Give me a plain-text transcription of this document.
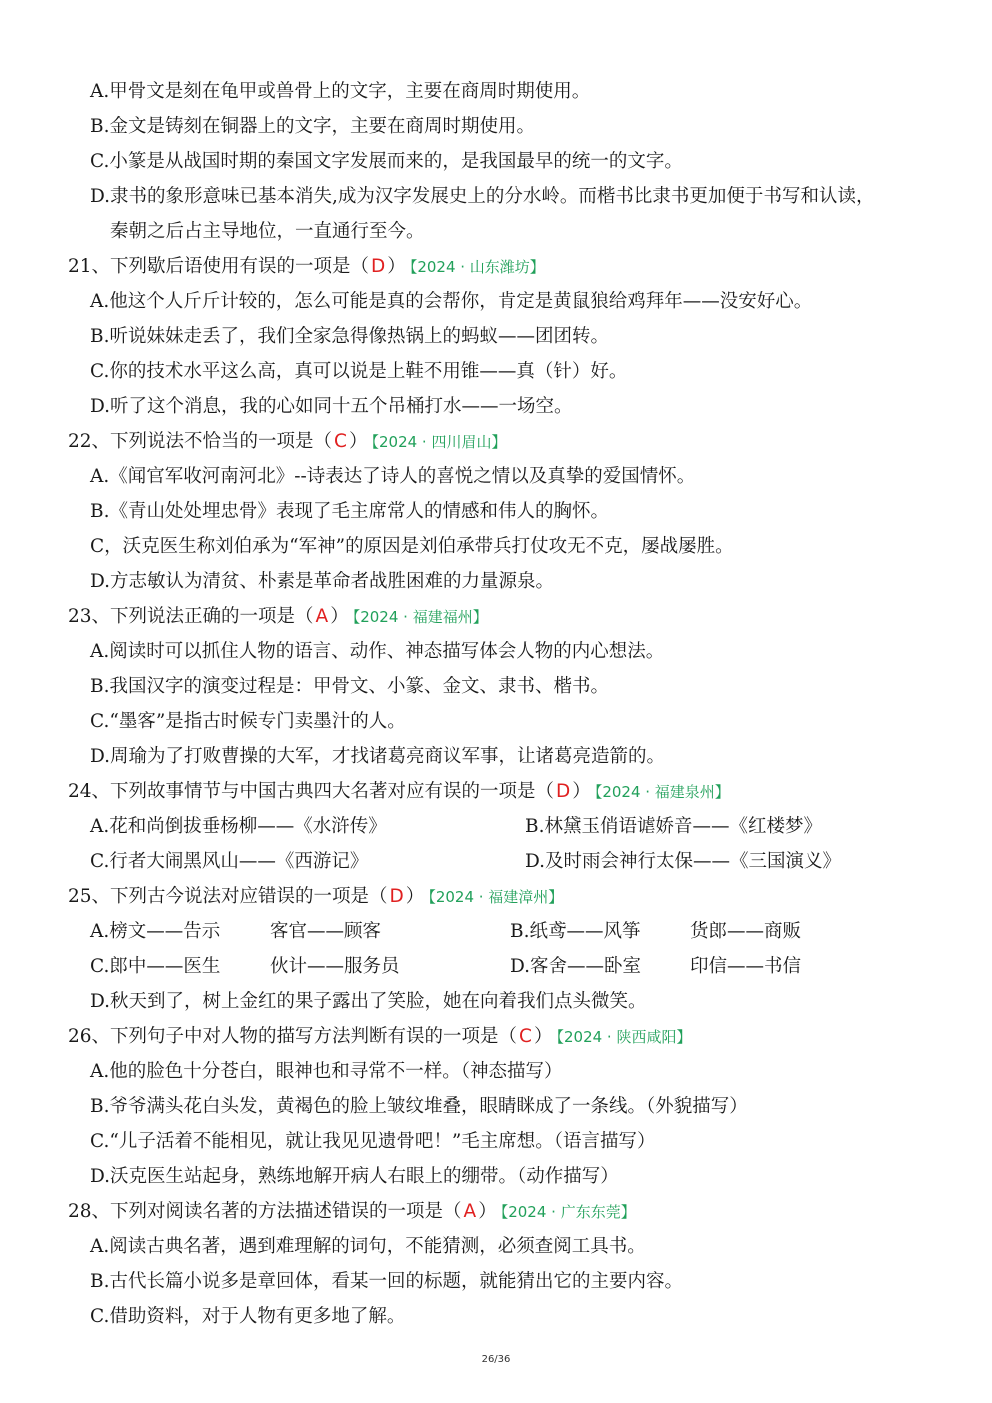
A.甲骨文是刻在龟甲或兽骨上的文字，主要在商周时期使用。
B.金文是铸刻在铜器上的文字，主要在商周时期使用。
C.小篆是从战国时期的秦国文字发展而来的，是我国最早的统一的文字。
D.隶书的象形意味已基本消失,成为汉字发展史上的分水岭。而楷书比隶书更加便于书写和认读，
秦朝之后占主导地位，一直通行至今。
21、下列歇后语使用有误的一项是（ D ） 【2024 · 山东潍坊】
A.他这个人斤斤计较的，怎么可能是真的会帮你，肯定是黄鼠狼给鸡拜年——没安好心。
B.听说妹妹走丢了，我们全家急得像热锅上的蚂蚁——团团转。
C.你的技术水平这么高，真可以说是上鞋不用锥——真（针）好。
D.听了这个消息，我的心如同十五个吊桶打水——一场空。
22、下列说法不恰当的一项是（ C ） 【2024 · 四川眉山】
A.《闻官军收河南河北》--诗表达了诗人的喜悦之情以及真挚的爱国情怀。
B.《青山处处埋忠骨》表现了毛主席常人的情感和伟人的胸怀。
C，沃克医生称刘伯承为“军神”的原因是刘伯承带兵打仗攻无不克，屡战屡胜。
D.方志敏认为清贫、朴素是革命者战胜困难的力量源泉。
23、下列说法正确的一项是（ A ） 【2024 · 福建福州】
A.阅读时可以抓住人物的语言、动作、神态描写体会人物的内心想法。
B.我国汉字的演变过程是：甲骨文、小篆、金文、隶书、楷书。
C.“墨客”是指古时候专门卖墨汁的人。
D.周瑜为了打败曹操的大军，才找诸葛亮商议军事，让诸葛亮造箭的。
24、下列故事情节与中国古典四大名著对应有误的一项是（ D ） 【2024 · 福建泉州】
A.花和尚倒拔垂杨柳——《水浒传》	B.林黛玉俏语谑娇音——《红楼梦》
C.行者大闹黑风山——《西游记》	D.及时雨会神行太保——《三国演义》
25、下列古今说法对应错误的一项是（ D ） 【2024 · 福建漳州】
A.榜文——告示	客官——顾客	B.纸鸢——风筝	货郎——商贩
C.郎中——医生	伙计——服务员	D.客舍——卧室	印信——书信
D.秋天到了，树上金红的果子露出了笑脸，她在向着我们点头微笑。
26、下列句子中对人物的描写方法判断有误的一项是（ C ） 【2024 · 陕西咸阳】
A.他的脸色十分苍白，眼神也和寻常不一样。（神态描写）
B.爷爷满头花白头发，黄褐色的脸上皱纹堆叠，眼睛眯成了一条线。（外貌描写）
C.“儿子活着不能相见，就让我见见遗骨吧！”毛主席想。（语言描写）
D.沃克医生站起身，熟练地解开病人右眼上的绷带。（动作描写）
28、下列对阅读名著的方法描述错误的一项是（ A ） 【2024 · 广东东莞】
A.阅读古典名著，遇到难理解的词句，不能猜测，必须查阅工具书。
B.古代长篇小说多是章回体，看某一回的标题，就能猜出它的主要内容。
C.借助资料，对于人物有更多地了解。
26/36
